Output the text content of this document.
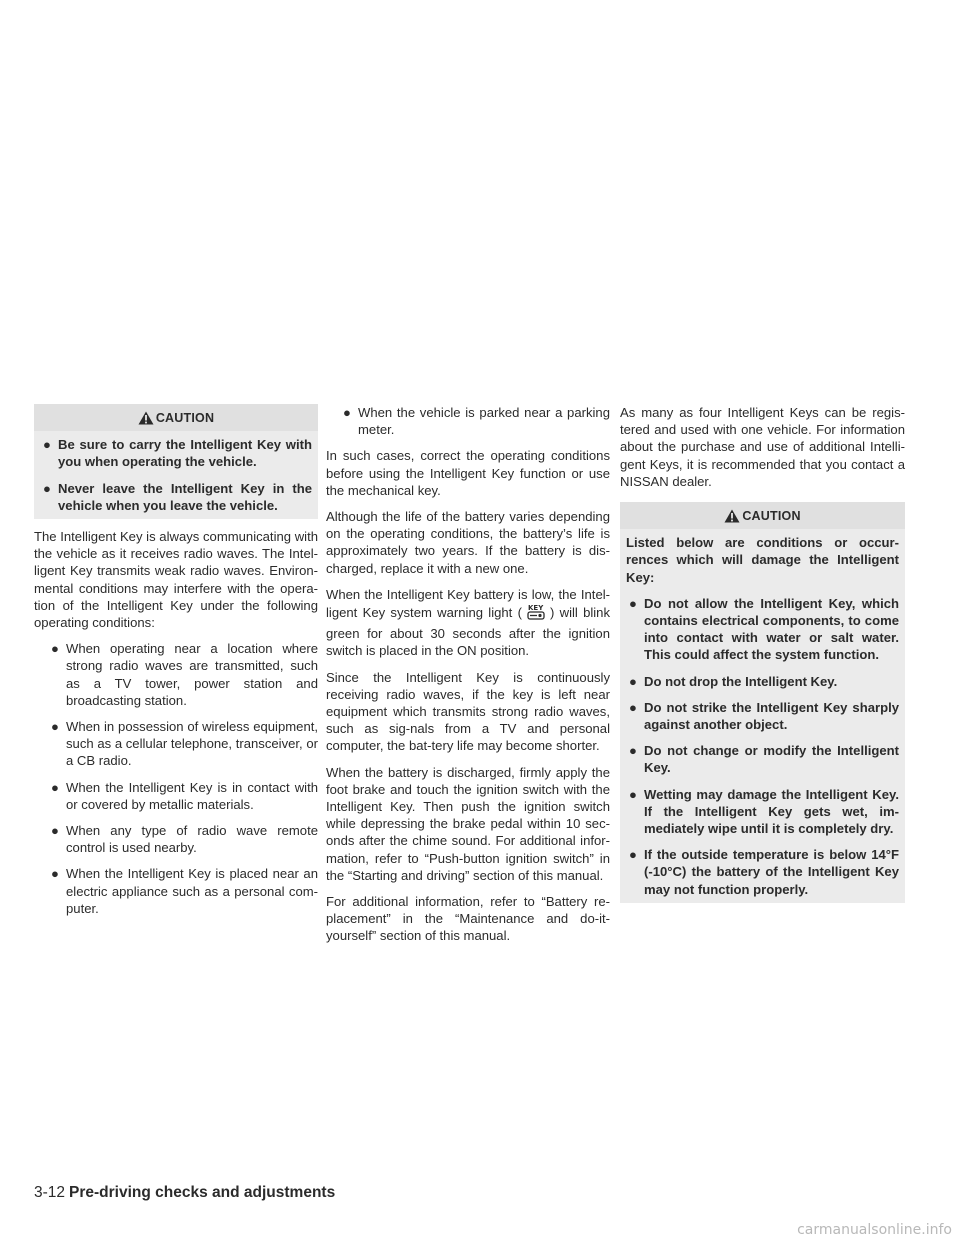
CAUTION
● Be sure to carry the Intelligent Key with you when operating the vehicle.
● Never leave the Intelligent Key in the vehicle when you leave the vehicle.

The Intelligent Key is always communicating with the vehicle as it receives radio waves. The Intel-ligent Key transmits weak radio waves. Environ-mental conditions may interfere with the opera-tion of the Intelligent Key under the following operating conditions:

● When operating near a location where strong radio waves are transmitted, such as a TV tower, power station and broadcasting station.
● When in possession of wireless equipment, such as a cellular telephone, transceiver, or a CB radio.
● When the Intelligent Key is in contact with or covered by metallic materials.
● When any type of radio wave remote control is used nearby.
● When the Intelligent Key is placed near an electric appliance such as a personal com-puter.
● When the vehicle is parked near a parking meter.

In such cases, correct the operating conditions before using the Intelligent Key function or use the mechanical key.

Although the life of the battery varies depending on the operating conditions, the battery’s life is approximately two years. If the battery is dis-charged, replace it with a new one.

When the Intelligent Key battery is low, the Intel-ligent Key system warning light ( KEY ) will blink green for about 30 seconds after the ignition switch is placed in the ON position.

Since the Intelligent Key is continuously receiving radio waves, if the key is left near equipment which transmits strong radio waves, such as sig-nals from a TV and personal computer, the bat-tery life may become shorter.

When the battery is discharged, firmly apply the foot brake and touch the ignition switch with the Intelligent Key. Then push the ignition switch while depressing the brake pedal within 10 sec-onds after the chime sound. For additional infor-mation, refer to “Push-button ignition switch” in the “Starting and driving” section of this manual.

For additional information, refer to “Battery re-placement” in the “Maintenance and do-it-yourself” section of this manual.

As many as four Intelligent Keys can be regis-tered and used with one vehicle. For information about the purchase and use of additional Intelli-gent Keys, it is recommended that you contact a NISSAN dealer.

CAUTION

Listed below are conditions or occur-rences which will damage the Intelligent Key:

● Do not allow the Intelligent Key, which contains electrical components, to come into contact with water or salt water. This could affect the system function.
● Do not drop the Intelligent Key.
● Do not strike the Intelligent Key sharply against another object.
● Do not change or modify the Intelligent Key.
● Wetting may damage the Intelligent Key. If the Intelligent Key gets wet, im-mediately wipe until it is completely dry.
● If the outside temperature is below 14°F (-10°C) the battery of the Intelligent Key may not function properly.
3-12 Pre-driving checks and adjustments
carmanualsonline.info
